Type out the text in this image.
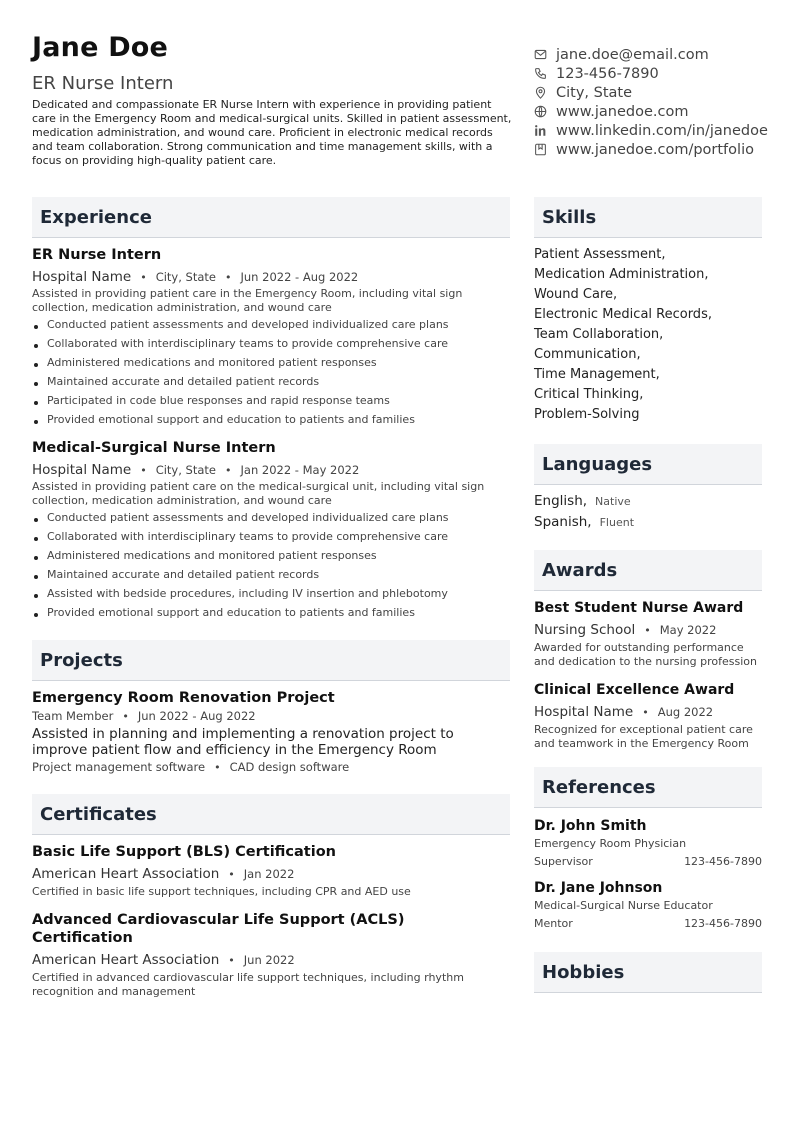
Jane Doe
ER Nurse Intern
Dedicated and compassionate ER Nurse Intern with experience in providing patient care in the Emergency Room and medical-surgical units. Skilled in patient assessment, medication administration, and wound care. Proficient in electronic medical records and team collaboration. Strong communication and time management skills, with a focus on providing high-quality patient care.
jane.doe@email.com
123-456-7890
City, State
www.janedoe.com
www.linkedin.com/in/janedoe
www.janedoe.com/portfolio
Experience
ER Nurse Intern
Hospital Name • City, State • Jun 2022 - Aug 2022
Assisted in providing patient care in the Emergency Room, including vital sign collection, medication administration, and wound care
Conducted patient assessments and developed individualized care plans
Collaborated with interdisciplinary teams to provide comprehensive care
Administered medications and monitored patient responses
Maintained accurate and detailed patient records
Participated in code blue responses and rapid response teams
Provided emotional support and education to patients and families
Medical-Surgical Nurse Intern
Hospital Name • City, State • Jan 2022 - May 2022
Assisted in providing patient care on the medical-surgical unit, including vital sign collection, medication administration, and wound care
Conducted patient assessments and developed individualized care plans
Collaborated with interdisciplinary teams to provide comprehensive care
Administered medications and monitored patient responses
Maintained accurate and detailed patient records
Assisted with bedside procedures, including IV insertion and phlebotomy
Provided emotional support and education to patients and families
Projects
Emergency Room Renovation Project
Team Member • Jun 2022 - Aug 2022
Assisted in planning and implementing a renovation project to improve patient flow and efficiency in the Emergency Room
Project management software • CAD design software
Certificates
Basic Life Support (BLS) Certification
American Heart Association • Jan 2022
Certified in basic life support techniques, including CPR and AED use
Advanced Cardiovascular Life Support (ACLS) Certification
American Heart Association • Jun 2022
Certified in advanced cardiovascular life support techniques, including rhythm recognition and management
Skills
Patient Assessment,
Medication Administration,
Wound Care,
Electronic Medical Records,
Team Collaboration,
Communication,
Time Management,
Critical Thinking,
Problem-Solving
Languages
English, Native
Spanish, Fluent
Awards
Best Student Nurse Award
Nursing School • May 2022
Awarded for outstanding performance and dedication to the nursing profession
Clinical Excellence Award
Hospital Name • Aug 2022
Recognized for exceptional patient care and teamwork in the Emergency Room
References
Dr. John Smith
Emergency Room Physician
Supervisor	123-456-7890
Dr. Jane Johnson
Medical-Surgical Nurse Educator
Mentor	123-456-7890
Hobbies
